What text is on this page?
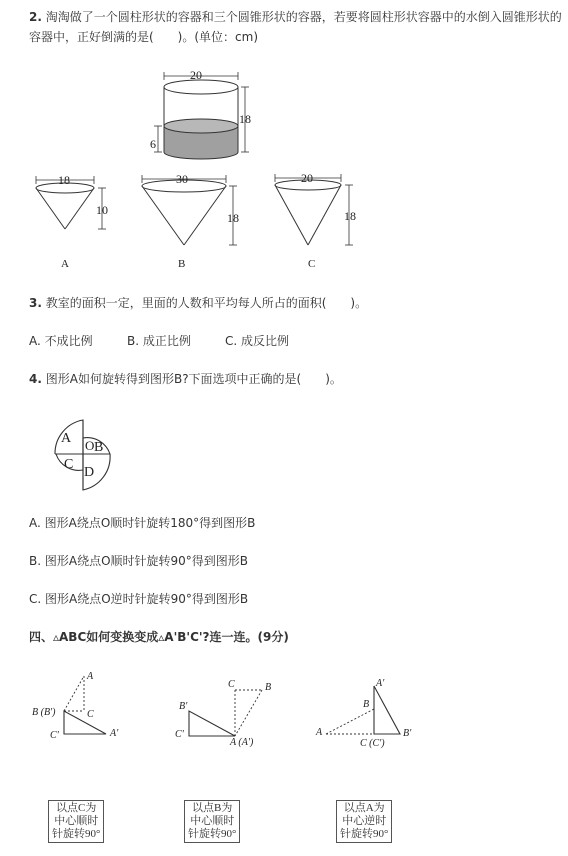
2. 淘淘做了一个圆柱形状的容器和三个圆锥形状的容器，若要将圆柱形状容器中的水倒入圆锥形状的
容器中，正好倒满的是(　　)。(单位：cm)
20
18
6
18
10
A
30
18
B
20
18
C
3. 教室的面积一定，里面的人数和平均每人所占的面积(　　)。
A. 不成比例	B. 成正比例	C. 成反比例
4. 图形A如何旋转得到图形B?下面选项中正确的是(　　)。
A O B
C
D
A. 图形A绕点O顺时针旋转180°得到图形B
B. 图形A绕点O顺时针旋转90°得到图形B
C. 图形A绕点O逆时针旋转90°得到图形B
四、▵ABC如何变换变成▵A'B'C'?连一连。(9分)
A
B (B')	C
C'	A'
C	B
B'
C'
A (A')
A'
B
A	B'
C (C')
以点C为
中心顺时
针旋转90°
以点B为
中心顺时
针旋转90°
以点A为
中心逆时
针旋转90°
